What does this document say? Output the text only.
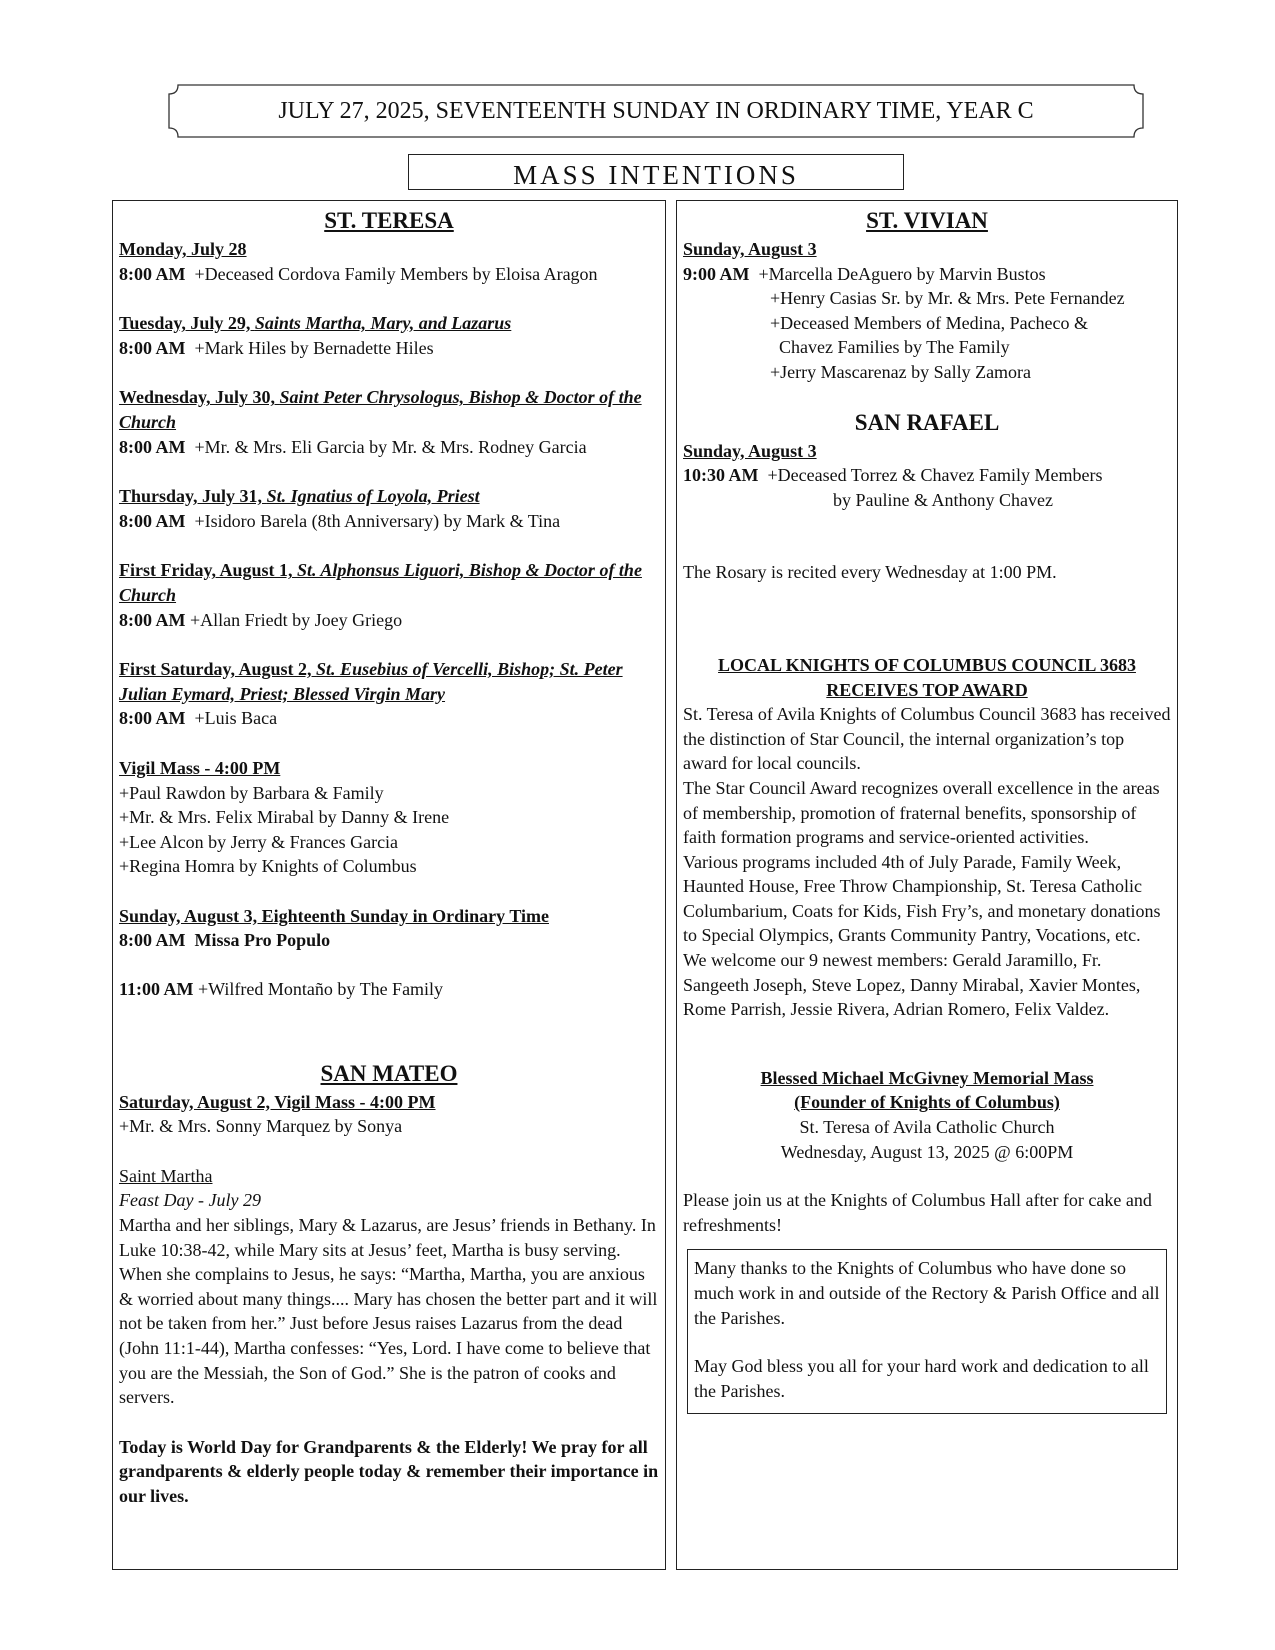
JULY 27, 2025, SEVENTEENTH SUNDAY IN ORDINARY TIME, YEAR C
MASS INTENTIONS
ST. TERESA
Monday, July 28
8:00 AM +Deceased Cordova Family Members by Eloisa Aragon
Tuesday, July 29, Saints Martha, Mary, and Lazarus
8:00 AM +Mark Hiles by Bernadette Hiles
Wednesday, July 30, Saint Peter Chrysologus, Bishop & Doctor of the Church
8:00 AM +Mr. & Mrs. Eli Garcia by Mr. & Mrs. Rodney Garcia
Thursday, July 31, St. Ignatius of Loyola, Priest
8:00 AM +Isidoro Barela (8th Anniversary) by Mark & Tina
First Friday, August 1, St. Alphonsus Liguori, Bishop & Doctor of the Church
8:00 AM +Allan Friedt by Joey Griego
First Saturday, August 2, St. Eusebius of Vercelli, Bishop; St. Peter Julian Eymard, Priest; Blessed Virgin Mary
8:00 AM +Luis Baca
Vigil Mass - 4:00 PM
+Paul Rawdon by Barbara & Family
+Mr. & Mrs. Felix Mirabal by Danny & Irene
+Lee Alcon by Jerry & Frances Garcia
+Regina Homra by Knights of Columbus
Sunday, August 3, Eighteenth Sunday in Ordinary Time
8:00 AM Missa Pro Populo
11:00 AM +Wilfred Montaño by The Family
SAN MATEO
Saturday, August 2, Vigil Mass - 4:00 PM
+Mr. & Mrs. Sonny Marquez by Sonya
Saint Martha
Feast Day - July 29
Martha and her siblings, Mary & Lazarus, are Jesus’ friends in Bethany. In Luke 10:38-42, while Mary sits at Jesus’ feet, Martha is busy serving. When she complains to Jesus, he says: “Martha, Martha, you are anxious & worried about many things.... Mary has chosen the better part and it will not be taken from her.” Just before Jesus raises Lazarus from the dead (John 11:1-44), Martha confesses: “Yes, Lord. I have come to believe that you are the Messiah, the Son of God.” She is the patron of cooks and servers.
Today is World Day for Grandparents & the Elderly! We pray for all grandparents & elderly people today & remember their importance in our lives.
ST. VIVIAN
Sunday, August 3
9:00 AM +Marcella DeAguero by Marvin Bustos
+Henry Casias Sr. by Mr. & Mrs. Pete Fernandez
+Deceased Members of Medina, Pacheco &
Chavez Families by The Family
+Jerry Mascarenaz by Sally Zamora
SAN RAFAEL
Sunday, August 3
10:30 AM +Deceased Torrez & Chavez Family Members
by Pauline & Anthony Chavez
The Rosary is recited every Wednesday at 1:00 PM.
LOCAL KNIGHTS OF COLUMBUS COUNCIL 3683
RECEIVES TOP AWARD
St. Teresa of Avila Knights of Columbus Council 3683 has received the distinction of Star Council, the internal organization’s top award for local councils.
The Star Council Award recognizes overall excellence in the areas of membership, promotion of fraternal benefits, sponsorship of faith formation programs and service-oriented activities.
Various programs included 4th of July Parade, Family Week, Haunted House, Free Throw Championship, St. Teresa Catholic Columbarium, Coats for Kids, Fish Fry’s, and monetary donations to Special Olympics, Grants Community Pantry, Vocations, etc.
We welcome our 9 newest members: Gerald Jaramillo, Fr. Sangeeth Joseph, Steve Lopez, Danny Mirabal, Xavier Montes, Rome Parrish, Jessie Rivera, Adrian Romero, Felix Valdez.
Blessed Michael McGivney Memorial Mass
(Founder of Knights of Columbus)
St. Teresa of Avila Catholic Church
Wednesday, August 13, 2025 @ 6:00PM
Please join us at the Knights of Columbus Hall after for cake and refreshments!
Many thanks to the Knights of Columbus who have done so much work in and outside of the Rectory & Parish Office and all the Parishes.
May God bless you all for your hard work and dedication to all the Parishes.
